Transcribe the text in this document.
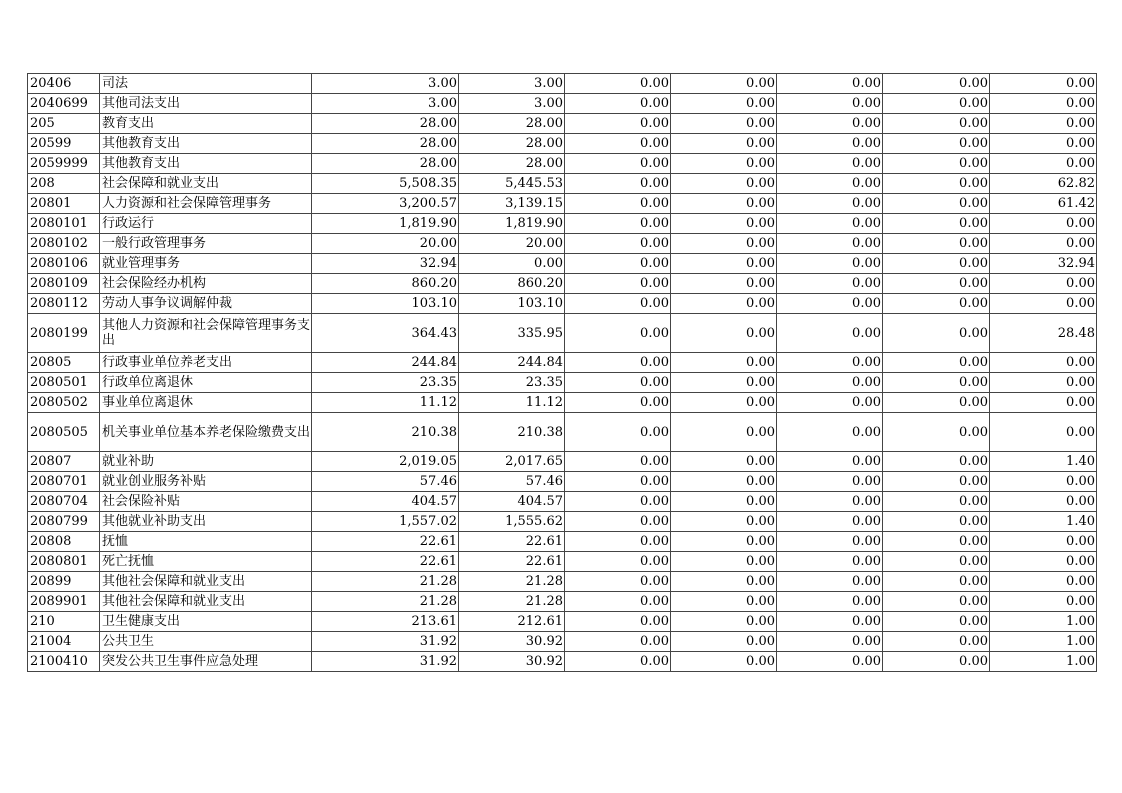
20406	司法	3.00	3.00	0.00	0.00	0.00	0.00	0.00
2040699	其他司法支出	3.00	3.00	0.00	0.00	0.00	0.00	0.00
205	教育支出	28.00	28.00	0.00	0.00	0.00	0.00	0.00
20599	其他教育支出	28.00	28.00	0.00	0.00	0.00	0.00	0.00
2059999	其他教育支出	28.00	28.00	0.00	0.00	0.00	0.00	0.00
208	社会保障和就业支出	5,508.35	5,445.53	0.00	0.00	0.00	0.00	62.82
20801	人力资源和社会保障管理事务	3,200.57	3,139.15	0.00	0.00	0.00	0.00	61.42
2080101	行政运行	1,819.90	1,819.90	0.00	0.00	0.00	0.00	0.00
2080102	一般行政管理事务	20.00	20.00	0.00	0.00	0.00	0.00	0.00
2080106	就业管理事务	32.94	0.00	0.00	0.00	0.00	0.00	32.94
2080109	社会保险经办机构	860.20	860.20	0.00	0.00	0.00	0.00	0.00
2080112	劳动人事争议调解仲裁	103.10	103.10	0.00	0.00	0.00	0.00	0.00
2080199	其他人力资源和社会保障管理事务支出	364.43	335.95	0.00	0.00	0.00	0.00	28.48
20805	行政事业单位养老支出	244.84	244.84	0.00	0.00	0.00	0.00	0.00
2080501	行政单位离退休	23.35	23.35	0.00	0.00	0.00	0.00	0.00
2080502	事业单位离退休	11.12	11.12	0.00	0.00	0.00	0.00	0.00
2080505	机关事业单位基本养老保险缴费支出	210.38	210.38	0.00	0.00	0.00	0.00	0.00
20807	就业补助	2,019.05	2,017.65	0.00	0.00	0.00	0.00	1.40
2080701	就业创业服务补贴	57.46	57.46	0.00	0.00	0.00	0.00	0.00
2080704	社会保险补贴	404.57	404.57	0.00	0.00	0.00	0.00	0.00
2080799	其他就业补助支出	1,557.02	1,555.62	0.00	0.00	0.00	0.00	1.40
20808	抚恤	22.61	22.61	0.00	0.00	0.00	0.00	0.00
2080801	死亡抚恤	22.61	22.61	0.00	0.00	0.00	0.00	0.00
20899	其他社会保障和就业支出	21.28	21.28	0.00	0.00	0.00	0.00	0.00
2089901	其他社会保障和就业支出	21.28	21.28	0.00	0.00	0.00	0.00	0.00
210	卫生健康支出	213.61	212.61	0.00	0.00	0.00	0.00	1.00
21004	公共卫生	31.92	30.92	0.00	0.00	0.00	0.00	1.00
2100410	突发公共卫生事件应急处理	31.92	30.92	0.00	0.00	0.00	0.00	1.00
